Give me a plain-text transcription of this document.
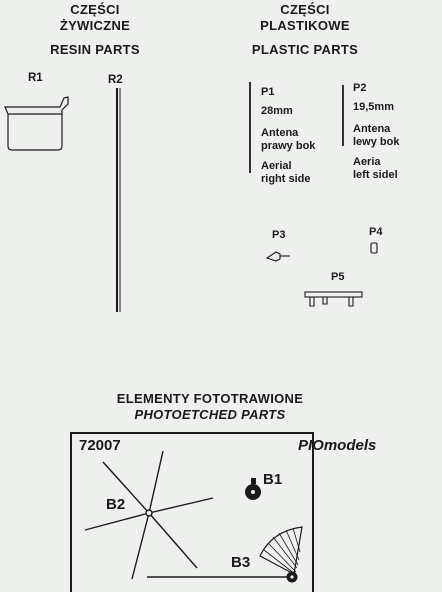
CZĘŚCI
ŻYWICZNE
RESIN PARTS
CZĘŚCI
PLASTIKOWE
PLASTIC PARTS
R1	R2
P1
28mm
Antena
prawy bok
Aerial
right side
P2
19,5mm
Antena
lewy bok
Aeria
left sidel
P3	P4
P5
ELEMENTY FOTOTRAWIONE
PHOTOETCHED PARTS
72007	PIOmodels
B1
B2
B3
